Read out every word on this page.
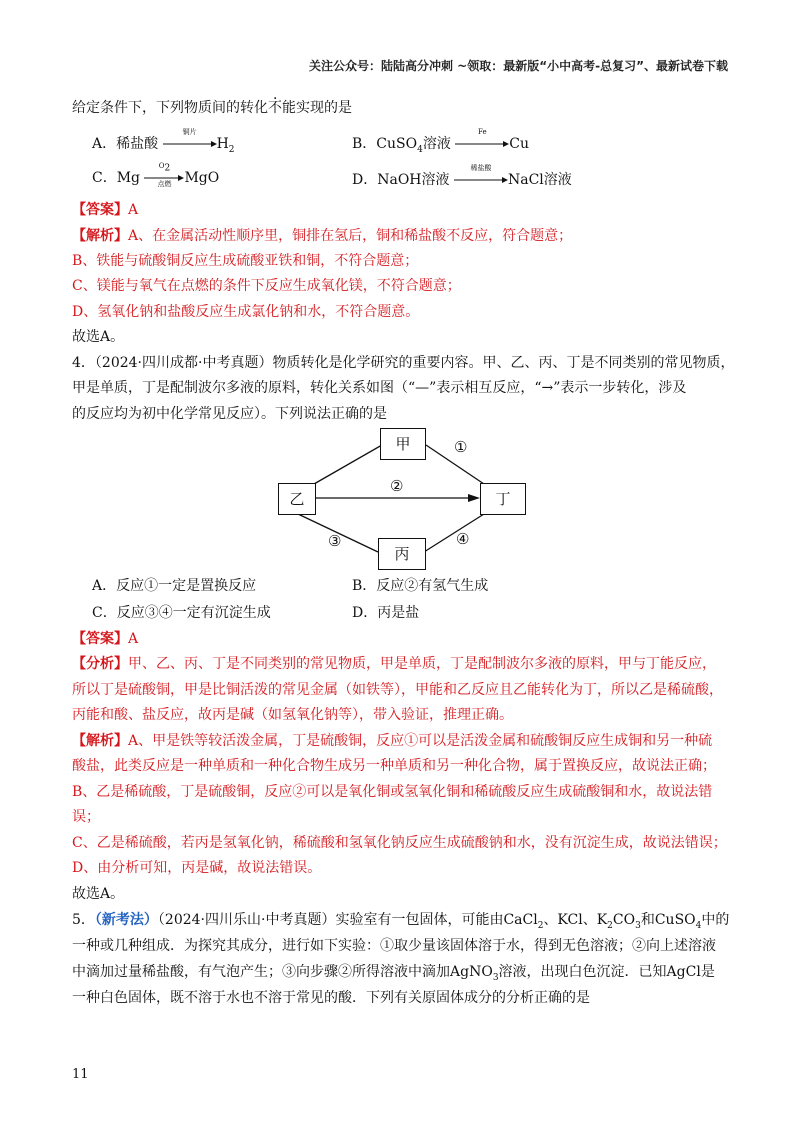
关注公众号：陆陆高分冲刺 ~领取：最新版“小中高考-总复习”、最新试卷下载
给定条件下，下列物质间的转化不能实现的是
A．稀盐酸
铜片
$H_2$	B．CuSO$_4$溶液
Fe
Cu
C．Mg
$O_2$
点燃 MgO	D．NaOH溶液
稀盐酸
NaCl溶液
【答案】A
【解析】A、在金属活动性顺序里，铜排在氢后，铜和稀盐酸不反应，符合题意；
B、铁能与硫酸铜反应生成硫酸亚铁和铜，不符合题意；
C、镁能与氧气在点燃的条件下反应生成氧化镁，不符合题意；
D、氢氧化钠和盐酸反应生成氯化钠和水，不符合题意。
故选A。
4．（2024·四川成都·中考真题）物质转化是化学研究的重要内容。甲、乙、丙、丁是不同类别的常见物质，
甲是单质，丁是配制波尔多液的原料，转化关系如图（“—”表示相互反应，“→”表示一步转化，涉及
的反应均为初中化学常见反应）。下列说法正确的是
甲
乙	丁
丙
①
②
③	④
A．反应①一定是置换反应	B．反应②有氢气生成
C．反应③④一定有沉淀生成	D．丙是盐
【答案】A
【分析】甲、乙、丙、丁是不同类别的常见物质，甲是单质，丁是配制波尔多液的原料，甲与丁能反应，
所以丁是硫酸铜，甲是比铜活泼的常见金属（如铁等），甲能和乙反应且乙能转化为丁，所以乙是稀硫酸，
丙能和酸、盐反应，故丙是碱（如氢氧化钠等），带入验证，推理正确。
【解析】A、甲是铁等较活泼金属，丁是硫酸铜，反应①可以是活泼金属和硫酸铜反应生成铜和另一种硫
酸盐，此类反应是一种单质和一种化合物生成另一种单质和另一种化合物，属于置换反应，故说法正确；
B、乙是稀硫酸，丁是硫酸铜，反应②可以是氧化铜或氢氧化铜和稀硫酸反应生成硫酸铜和水，故说法错
误；
C、乙是稀硫酸，若丙是氢氧化钠，稀硫酸和氢氧化钠反应生成硫酸钠和水，没有沉淀生成，故说法错误；
D、由分析可知，丙是碱，故说法错误。
故选A。
5．（新考法）（2024·四川乐山·中考真题）实验室有一包固体，可能由CaCl$_2$、KCl、$K_2CO_3$和CuSO$_4$中的
一种或几种组成．为探究其成分，进行如下实验：①取少量该固体溶于水，得到无色溶液；②向上述溶液
中滴加过量稀盐酸，有气泡产生；③向步骤②所得溶液中滴加AgNO$_3$溶液，出现白色沉淀．已知AgCl是
一种白色固体，既不溶于水也不溶于常见的酸．下列有关原固体成分的分析正确的是
11
